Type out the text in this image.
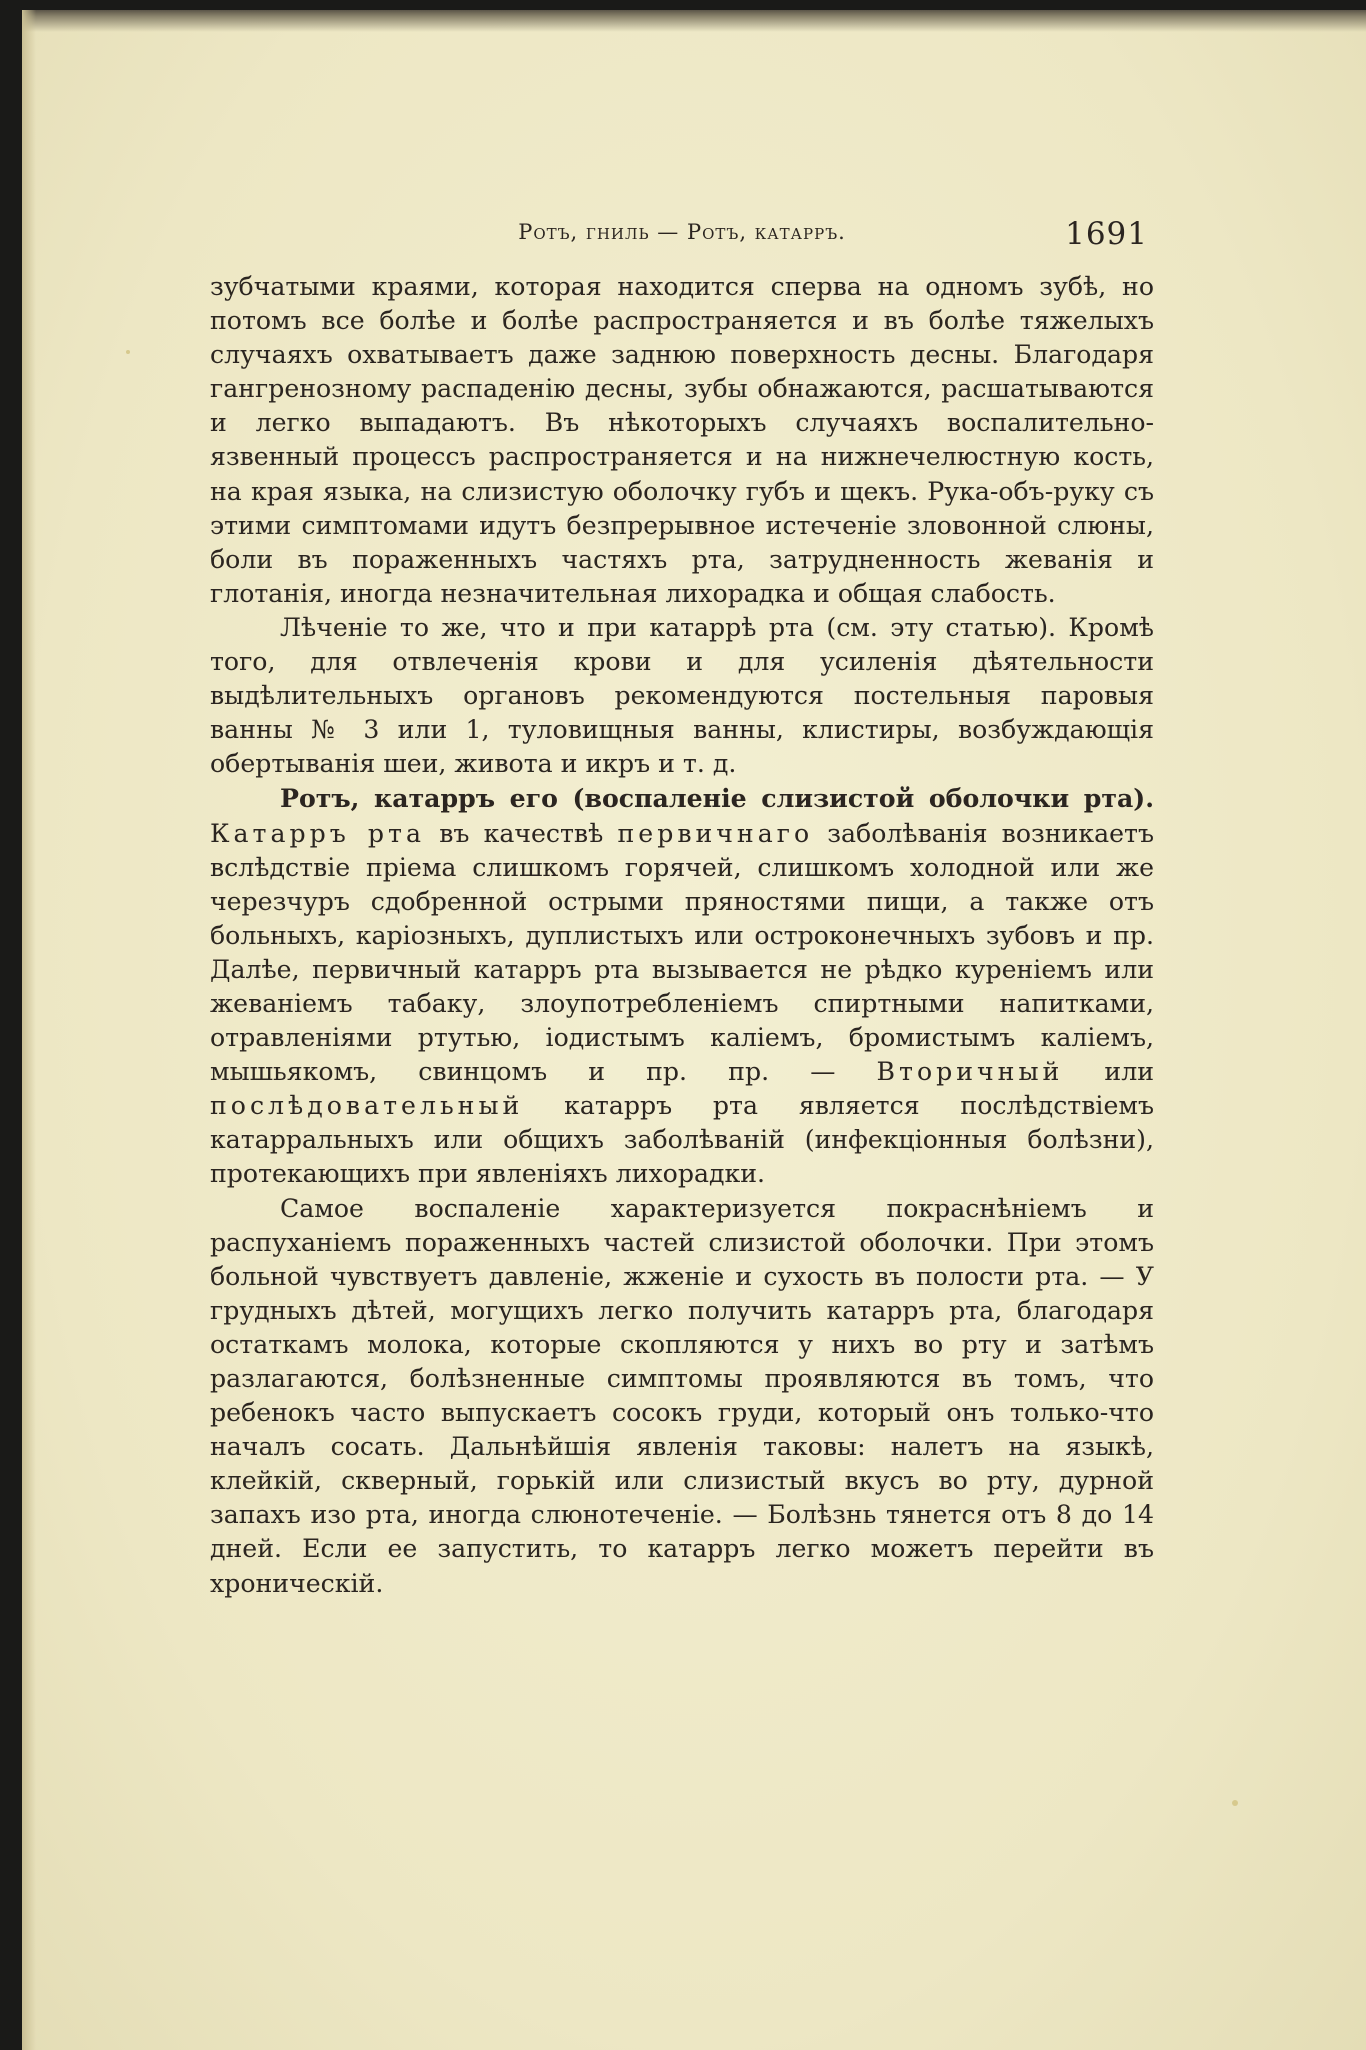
Ротъ, гниль — Ротъ, катарръ.	1691

зубчатыми краями, которая находится сперва на одномъ зубѣ, но потомъ все болѣе и болѣе распространяется и въ болѣе тяжелыхъ случаяхъ охватываетъ даже заднюю поверхность десны. Благодаря гангренозному распаденію десны, зубы обнажаются, расшатываются и легко выпадаютъ. Въ нѣкоторыхъ случаяхъ воспалительно-язвенный процессъ распространяется и на нижнечелюстную кость, на края языка, на слизистую оболочку губъ и щекъ. Рука-объ-руку съ этими симптомами идутъ безпрерывное истеченіе зловонной слюны, боли въ пораженныхъ частяхъ рта, затрудненность жеванія и глотанія, иногда незначительная лихорадка и общая слабость.

Лѣченіе то же, что и при катаррѣ рта (см. эту статью). Кромѣ того, для отвлеченія крови и для усиленія дѣятельности выдѣлительныхъ органовъ рекомендуются постельныя паровыя ванны № 3 или 1, туловищныя ванны, клистиры, возбуждающія обертыванія шеи, живота и икръ и т. д.

Ротъ, катарръ его (воспаленіе слизистой оболочки рта). Катарръ рта въ качествѣ первичнаго заболѣванія возникаетъ вслѣдствіе пріема слишкомъ горячей, слишкомъ холодной или же черезчуръ сдобренной острыми пряностями пищи, а также отъ больныхъ, каріозныхъ, дуплистыхъ или остроконечныхъ зубовъ и пр. Далѣе, первичный катарръ рта вызывается не рѣдко куреніемъ или жеваніемъ табаку, злоупотребленіемъ спиртными напитками, отравленіями ртутью, іодистымъ каліемъ, бромистымъ каліемъ, мышьякомъ, свинцомъ и пр. пр. — Вторичный или послѣдовательный катарръ рта является послѣдствіемъ катарральныхъ или общихъ заболѣваній (инфекціонныя болѣзни), протекающихъ при явленіяхъ лихорадки.

Самое воспаленіе характеризуется покраснѣніемъ и распуханіемъ пораженныхъ частей слизистой оболочки. При этомъ больной чувствуетъ давленіе, жженіе и сухость въ полости рта. — У грудныхъ дѣтей, могущихъ легко получить катарръ рта, благодаря остаткамъ молока, которые скопляются у нихъ во рту и затѣмъ разлагаются, болѣзненные симптомы проявляются въ томъ, что ребенокъ часто выпускаетъ сосокъ груди, который онъ только-что началъ сосать. Дальнѣйшія явленія таковы: налетъ на языкѣ, клейкій, скверный, горькій или слизистый вкусъ во рту, дурной запахъ изо рта, иногда слюнотеченіе. — Болѣзнь тянется отъ 8 до 14 дней. Если ее запустить, то катарръ легко можетъ перейти въ хроническій.
